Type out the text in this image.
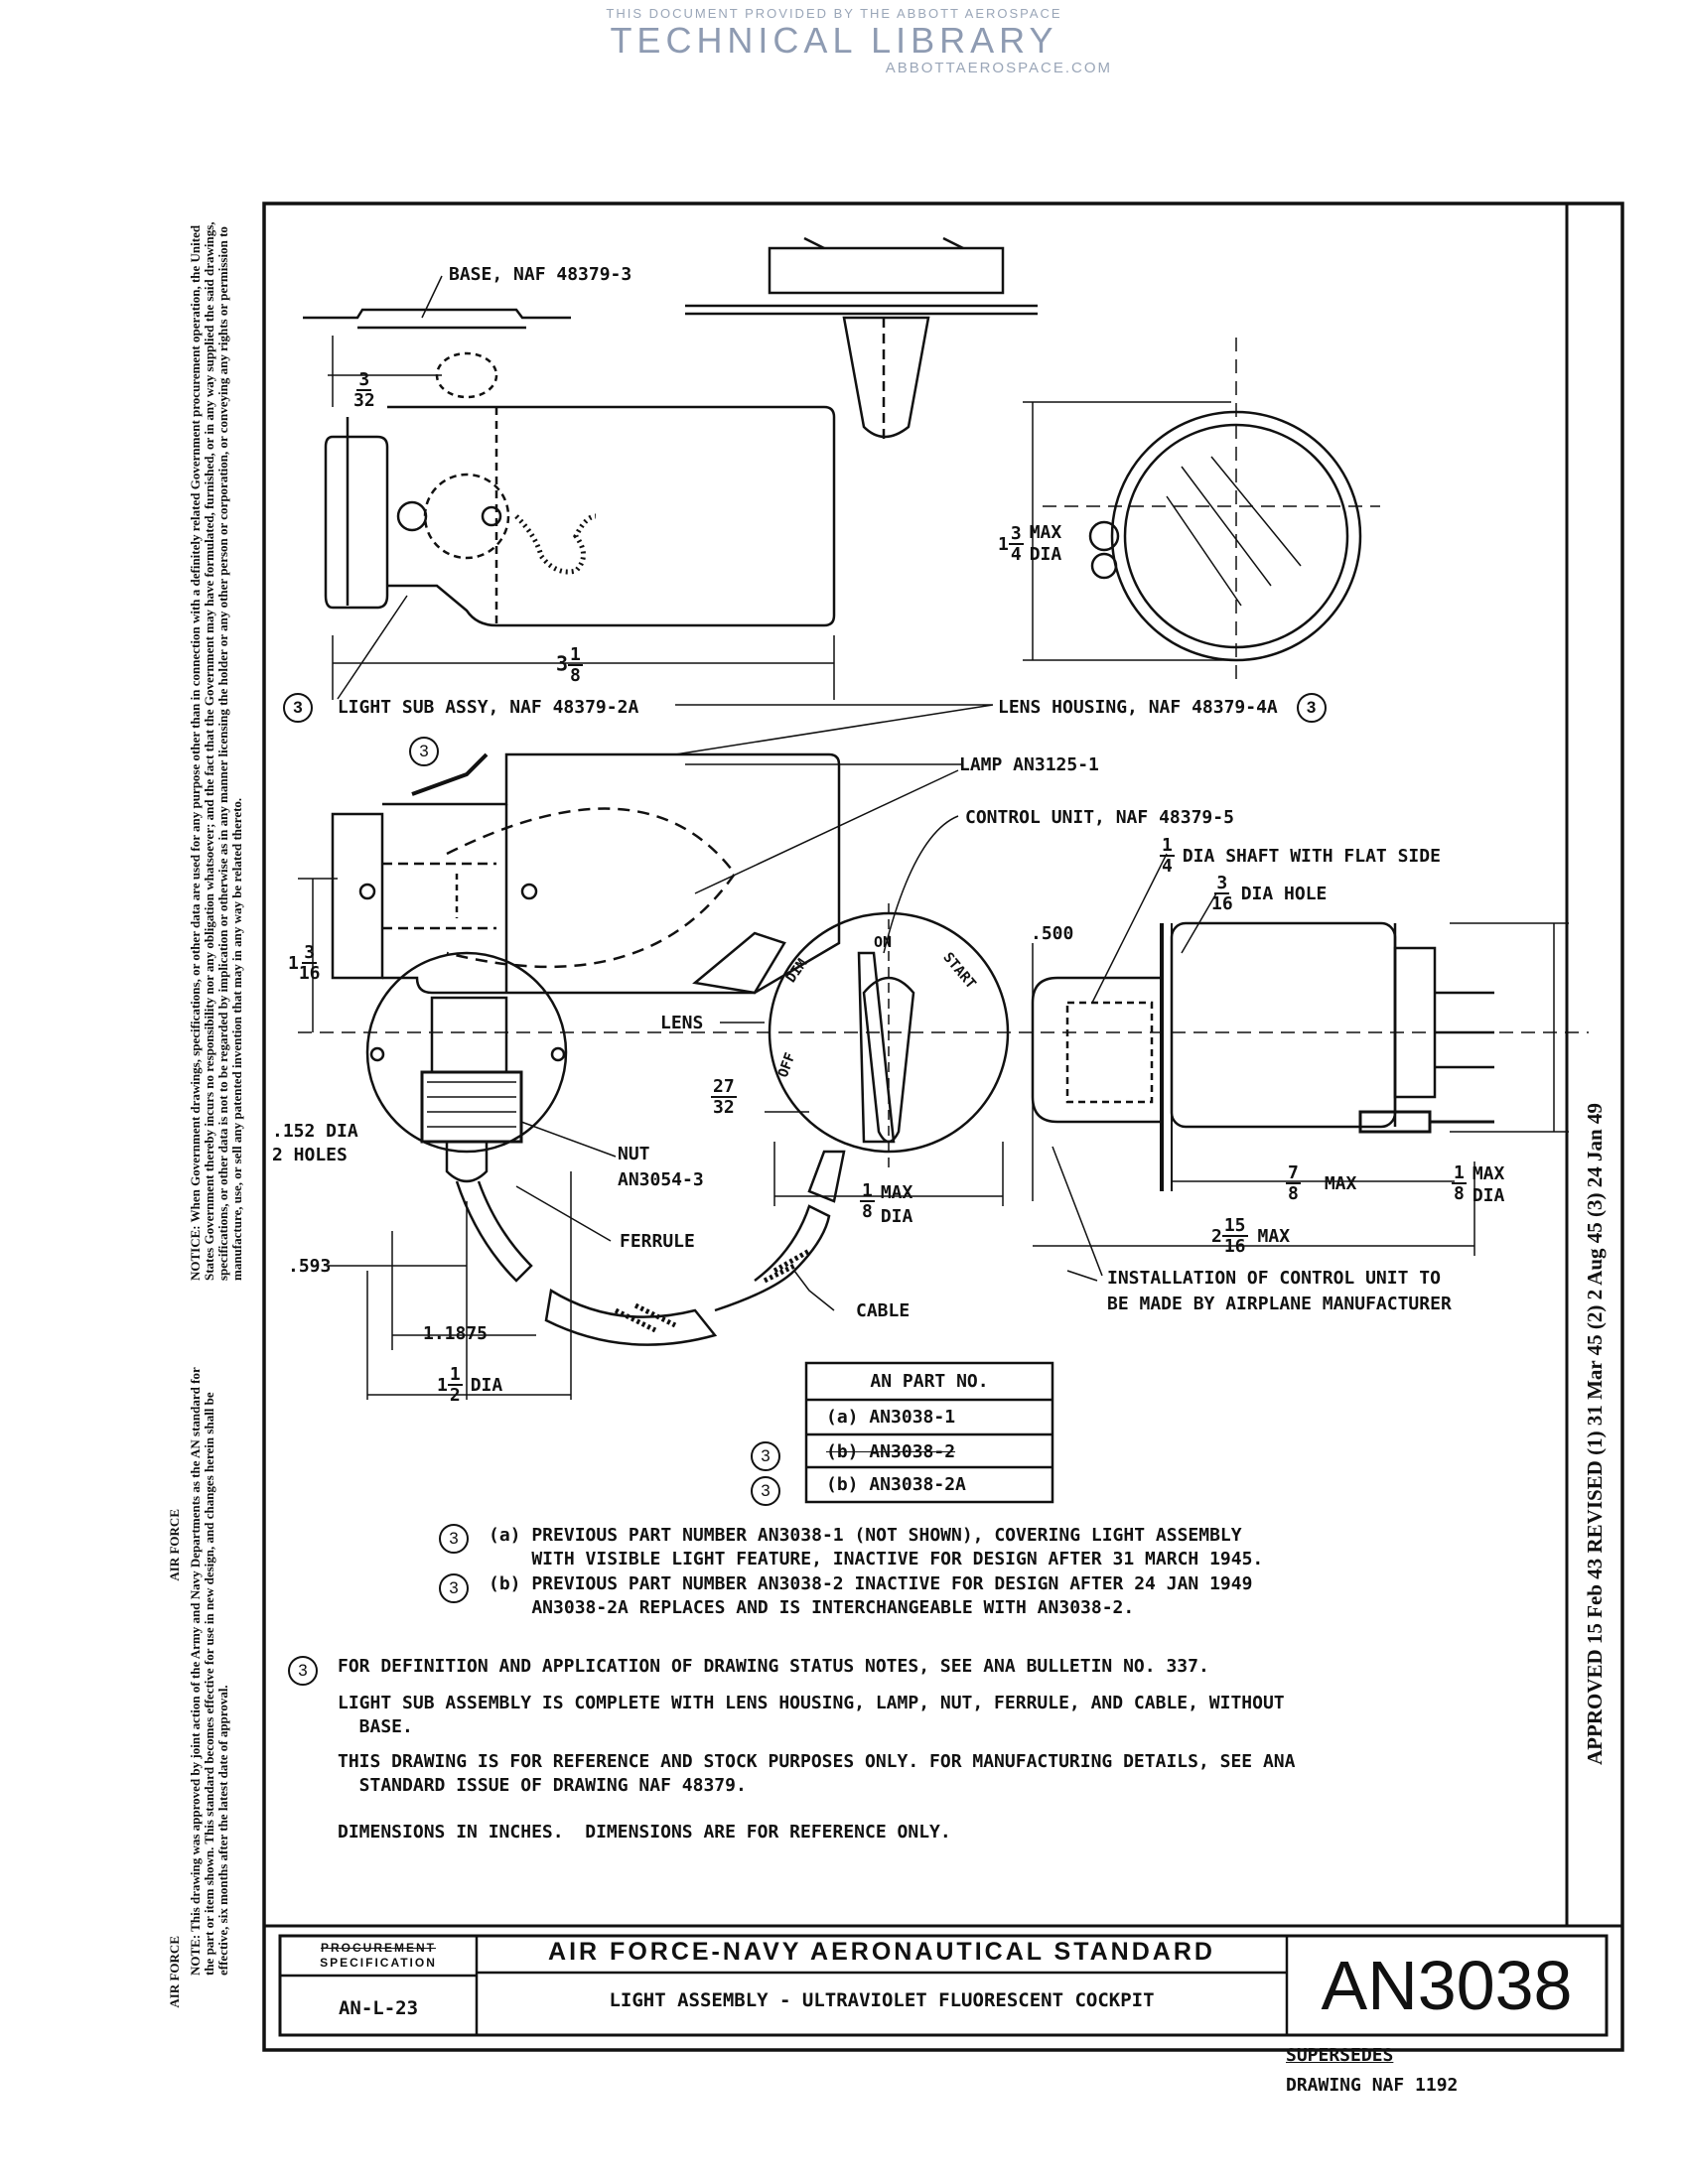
THIS DOCUMENT PROVIDED BY THE ABBOTT AEROSPACE
TECHNICAL LIBRARY
ABBOTTAEROSPACE.COM
NOTICE: When Government drawings, specifications, or other data are used for any purpose other than in connection with a definitely related Government procurement operation, the United States Government thereby incurs no responsibility nor any obligation whatsoever; and the fact that the Government may have formulated, furnished, or in any way supplied the said drawings, specifications, or other data is not to be regarded by implication or otherwise as in any manner licensing the holder or any other person or corporation, or conveying any rights or permission to manufacture, use, or sell any patented invention that may in any way be related thereto.
NOTE: This drawing was approved by joint action of the Army and Navy Departments as the AN standard for the part or item shown. This standard becomes effective for use in new design, and changes herein shall be effective, six months after the latest date of approval.
AIR FORCE
AIR FORCE
APPROVED 15 Feb 43 REVISED (1) 31 Mar 45 (2) 2 Aug 45 (3) 24 Jan 49
BASE, NAF 48379-3
$\frac{3}{32}$
$3 \frac{1}{8}$
3 LIGHT SUB ASSY, NAF 48379-2A	LENS HOUSING, NAF 48379-4A 3
$1 \frac{3}{4}$ MAX DIA
3
LAMP AN3125-1
CONTROL UNIT, NAF 48379-5
$\frac{1}{4}$ DIA SHAFT WITH FLAT SIDE
$\frac{3}{16}$ DIA HOLE
.500
$1 \frac{3}{16}$
LENS
$\frac{27}{32}$
ON
START
DIM
OFF
.152 DIA
2 HOLES	NUT
AN3054-3
$\frac{1}{8}$ MAX DIA
$\frac{7}{8}$ MAX	$\frac{1}{8}$ MAX DIA
$2 \frac{15}{16}$ MAX
FERRULE
.593
INSTALLATION OF CONTROL UNIT TO
BE MADE BY AIRPLANE MANUFACTURER
CABLE
1.1875
$1 \frac{1}{2}$ DIA	AN PART NO.
(a) AN3038-1
3	(b) AN3038-2
3	(b) AN3038-2A
3	(a) PREVIOUS PART NUMBER AN3038-1 (NOT SHOWN), COVERING LIGHT ASSEMBLY
WITH VISIBLE LIGHT FEATURE, INACTIVE FOR DESIGN AFTER 31 MARCH 1945.
3	(b) PREVIOUS PART NUMBER AN3038-2 INACTIVE FOR DESIGN AFTER 24 JAN 1949
AN3038-2A REPLACES AND IS INTERCHANGEABLE WITH AN3038-2.
3	FOR DEFINITION AND APPLICATION OF DRAWING STATUS NOTES, SEE ANA BULLETIN NO. 337.
LIGHT SUB ASSEMBLY IS COMPLETE WITH LENS HOUSING, LAMP, NUT, FERRULE, AND CABLE, WITHOUT
BASE.
THIS DRAWING IS FOR REFERENCE AND STOCK PURPOSES ONLY. FOR MANUFACTURING DETAILS, SEE ANA
STANDARD ISSUE OF DRAWING NAF 48379.
DIMENSIONS IN INCHES.  DIMENSIONS ARE FOR REFERENCE ONLY.
PROCUREMENT
SPECIFICATION
AN-L-23
AIR FORCE-NAVY AERONAUTICAL STANDARD
LIGHT ASSEMBLY - ULTRAVIOLET FLUORESCENT COCKPIT	AN3038
SUPERSEDES
DRAWING NAF 1192
